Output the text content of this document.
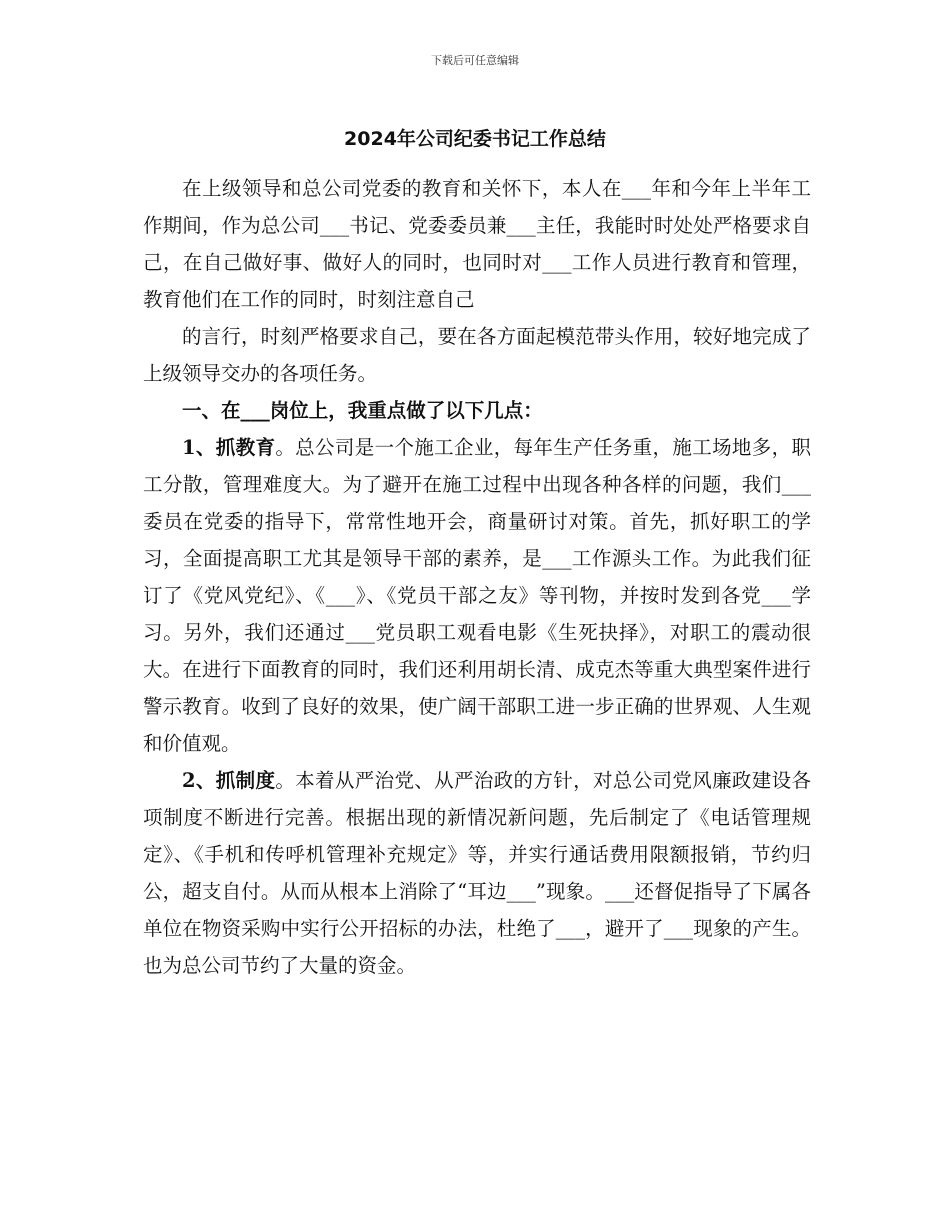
下载后可任意编辑
2024年公司纪委书记工作总结

在上级领导和总公司党委的教育和关怀下，本人在___年和今年上半年工作期间，作为总公司___书记、党委委员兼___主任，我能时时处处严格要求自己，在自己做好事、做好人的同时，也同时对___工作人员进行教育和管理，教育他们在工作的同时，时刻注意自己

的言行，时刻严格要求自己，要在各方面起模范带头作用，较好地完成了上级领导交办的各项任务。

一、在___岗位上，我重点做了以下几点：

1、抓教育。总公司是一个施工企业，每年生产任务重，施工场地多，职工分散，管理难度大。为了避开在施工过程中出现各种各样的问题，我们___委员在党委的指导下，常常性地开会，商量研讨对策。首先，抓好职工的学习，全面提高职工尤其是领导干部的素养，是___工作源头工作。为此我们征订了《党风党纪》、《___》、《党员干部之友》等刊物，并按时发到各党___学习。另外，我们还通过___党员职工观看电影《生死抉择》，对职工的震动很大。在进行下面教育的同时，我们还利用胡长清、成克杰等重大典型案件进行警示教育。收到了良好的效果，使广阔干部职工进一步正确的世界观、人生观和价值观。

2、抓制度。本着从严治党、从严治政的方针，对总公司党风廉政建设各项制度不断进行完善。根据出现的新情况新问题，先后制定了《电话管理规定》、《手机和传呼机管理补充规定》等，并实行通话费用限额报销，节约归公，超支自付。从而从根本上消除了“耳边___”现象。___还督促指导了下属各单位在物资采购中实行公开招标的办法，杜绝了___，避开了___现象的产生。也为总公司节约了大量的资金。
